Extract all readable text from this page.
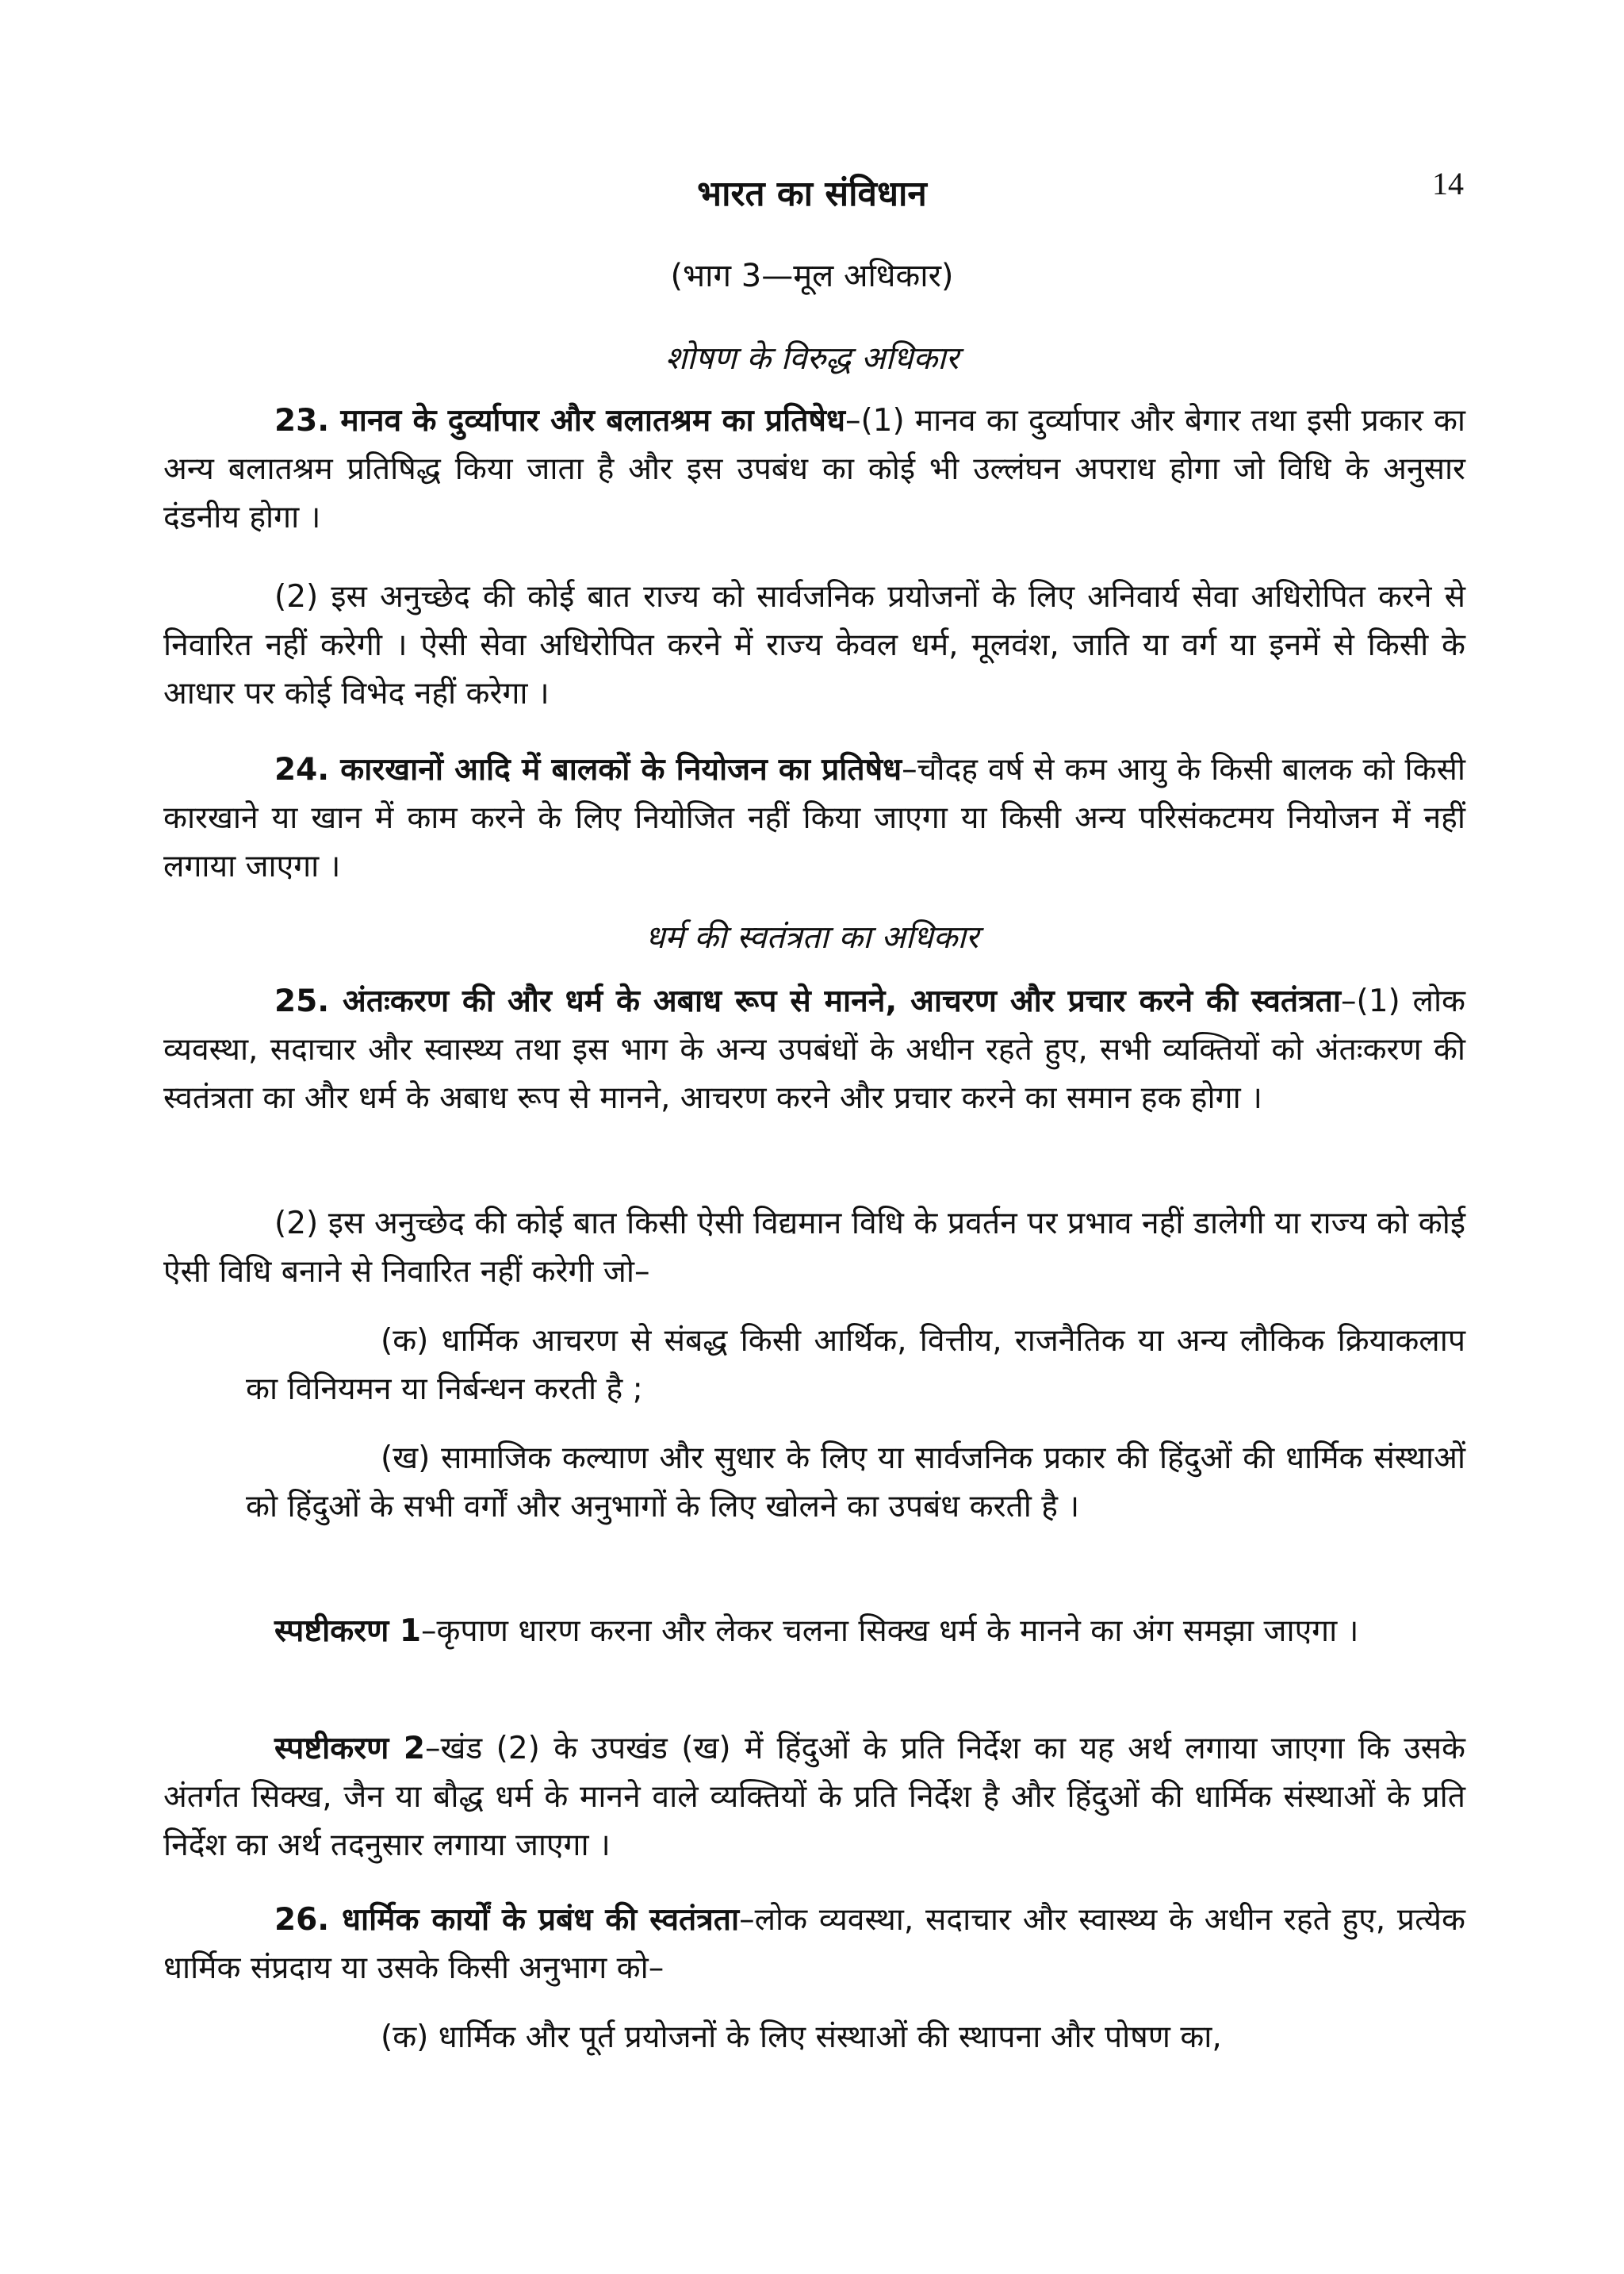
14
भारत का संविधान
(भाग 3—मूल अधिकार)
शोषण के विरुद्ध अधिकार

23. मानव के दुर्व्यापार और बलातश्रम का प्रतिषेध–(1) मानव का दुर्व्यापार और बेगार तथा इसी प्रकार का अन्य बलातश्रम प्रतिषिद्ध किया जाता है और इस उपबंध का कोई भी उल्लंघन अपराध होगा जो विधि के अनुसार दंडनीय होगा ।

(2) इस अनुच्छेद की कोई बात राज्य को सार्वजनिक प्रयोजनों के लिए अनिवार्य सेवा अधिरोपित करने से निवारित नहीं करेगी । ऐसी सेवा अधिरोपित करने में राज्य केवल धर्म, मूलवंश, जाति या वर्ग या इनमें से किसी के आधार पर कोई विभेद नहीं करेगा ।

24. कारखानों आदि में बालकों के नियोजन का प्रतिषेध–चौदह वर्ष से कम आयु के किसी बालक को किसी कारखाने या खान में काम करने के लिए नियोजित नहीं किया जाएगा या किसी अन्य परिसंकटमय नियोजन में नहीं लगाया जाएगा ।

धर्म की स्वतंत्रता का अधिकार

25. अंतःकरण की और धर्म के अबाध रूप से मानने, आचरण और प्रचार करने की स्वतंत्रता–(1) लोक व्यवस्था, सदाचार और स्वास्थ्य तथा इस भाग के अन्य उपबंधों के अधीन रहते हुए, सभी व्यक्तियों को अंतःकरण की स्वतंत्रता का और धर्म के अबाध रूप से मानने, आचरण करने और प्रचार करने का समान हक होगा ।

(2) इस अनुच्छेद की कोई बात किसी ऐसी विद्यमान विधि के प्रवर्तन पर प्रभाव नहीं डालेगी या राज्य को कोई ऐसी विधि बनाने से निवारित नहीं करेगी जो–

(क) धार्मिक आचरण से संबद्ध किसी आर्थिक, वित्तीय, राजनैतिक या अन्य लौकिक क्रियाकलाप का विनियमन या निर्बन्धन करती है ;

(ख) सामाजिक कल्याण और सुधार के लिए या सार्वजनिक प्रकार की हिंदुओं की धार्मिक संस्थाओं को हिंदुओं के सभी वर्गों और अनुभागों के लिए खोलने का उपबंध करती है ।

स्पष्टीकरण 1–कृपाण धारण करना और लेकर चलना सिक्ख धर्म के मानने का अंग समझा जाएगा ।

स्पष्टीकरण 2–खंड (2) के उपखंड (ख) में हिंदुओं के प्रति निर्देश का यह अर्थ लगाया जाएगा कि उसके अंतर्गत सिक्ख, जैन या बौद्ध धर्म के मानने वाले व्यक्तियों के प्रति निर्देश है और हिंदुओं की धार्मिक संस्थाओं के प्रति निर्देश का अर्थ तदनुसार लगाया जाएगा ।

26. धार्मिक कार्यों के प्रबंध की स्वतंत्रता–लोक व्यवस्था, सदाचार और स्वास्थ्य के अधीन रहते हुए, प्रत्येक धार्मिक संप्रदाय या उसके किसी अनुभाग को–

(क) धार्मिक और पूर्त प्रयोजनों के लिए संस्थाओं की स्थापना और पोषण का,
